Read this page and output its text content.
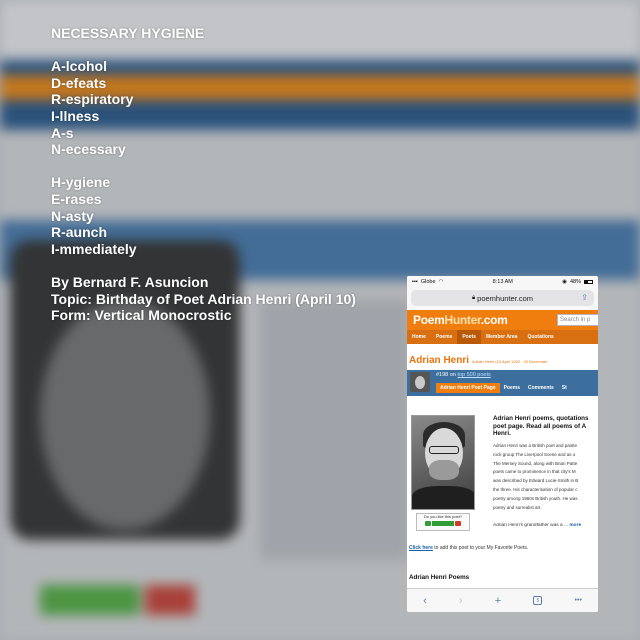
NECESSARY HYGIENE
A-lcohol
D-efeats
R-espiratory
I-llness
A-s
N-ecessary
H-ygiene
E-rases
N-asty
R-aunch
I-mmediately
By Bernard F. Asuncion
Topic: Birthday of Poet Adrian Henri (April 10)
Form: Vertical Monocrostic
▪▪▪ Globe ◠	8:13 AM	◉ 48%
🔒︎ poemhunter.com	⇪
PoemHunter.com	Search in p
Home	Poems	Poets	Member Area	Quotations
Adrian Henri Adrian Henri (10 April 1932 - 20 December
#198 on top 500 poets
Adrian Henri Poet Page	Poems	Comments	St
Do you like this poet?
Adrian Henri poems, quotations
poet page. Read all poems of A
Henri.
Adrian Henri was a British poet and painte
rock group The Liverpool Scene and as o
The Mersey Sound, along with Brian Patte
poets came to prominence in that city's M
was described by Edward Lucie-Smith in B
the three. His characterisation of popular c
poetry among 1960s British youth. He was
poetry and surrealist art.
Adrian Henri's grandfather was a ... more
Click here to add this poet to your My Favorite Poets.
Adrian Henri Poems
‹	›	+	5	•••
